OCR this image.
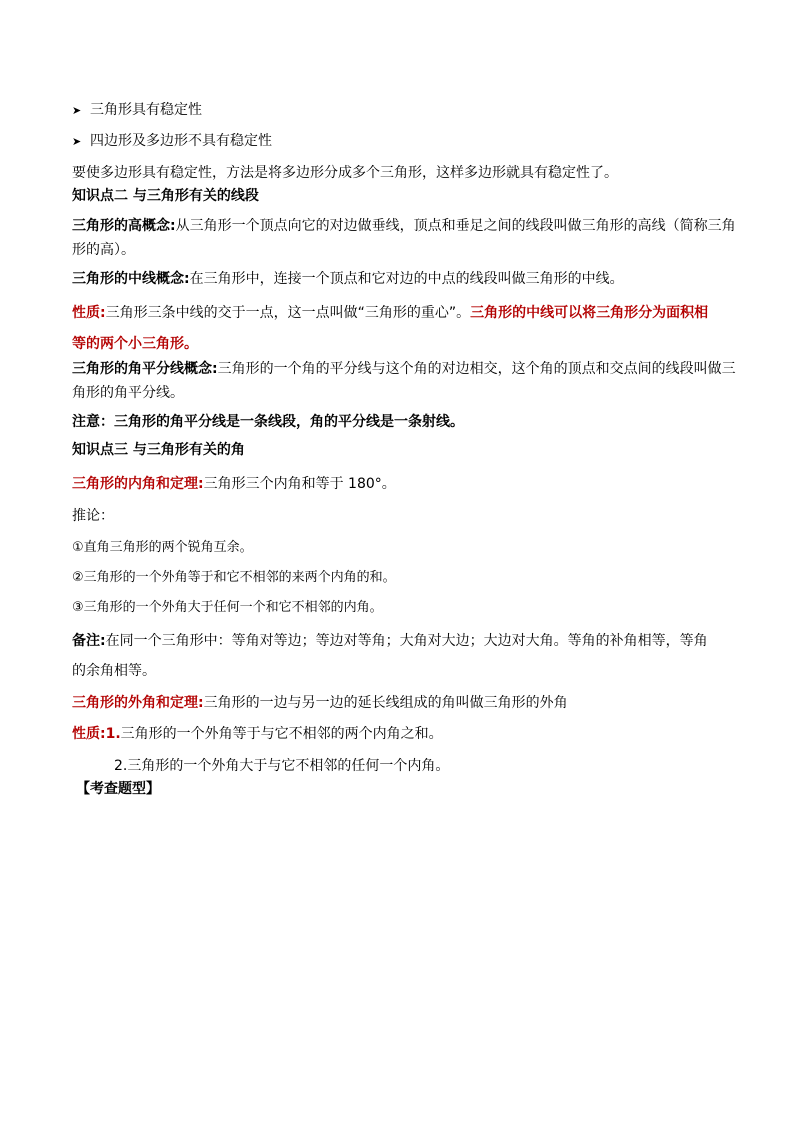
➤ 三角形具有稳定性
➤ 四边形及多边形不具有稳定性
要使多边形具有稳定性，方法是将多边形分成多个三角形，这样多边形就具有稳定性了。
知识点二 与三角形有关的线段
三角形的高概念:从三角形一个顶点向它的对边做垂线，顶点和垂足之间的线段叫做三角形的高线（简称三角
形的高）。
三角形的中线概念:在三角形中，连接一个顶点和它对边的中点的线段叫做三角形的中线。
性质:三角形三条中线的交于一点，这一点叫做“三角形的重心”。三角形的中线可以将三角形分为面积相
等的两个小三角形。
三角形的角平分线概念:三角形的一个角的平分线与这个角的对边相交，这个角的顶点和交点间的线段叫做三
角形的角平分线。
注意：三角形的角平分线是一条线段，角的平分线是一条射线。
知识点三 与三角形有关的角
三角形的内角和定理:三角形三个内角和等于 180°。
推论：
①直角三角形的两个锐角互余。
②三角形的一个外角等于和它不相邻的来两个内角的和。
③三角形的一个外角大于任何一个和它不相邻的内角。
备注:在同一个三角形中：等角对等边；等边对等角；大角对大边；大边对大角。等角的补角相等，等角
的余角相等。
三角形的外角和定理:三角形的一边与另一边的延长线组成的角叫做三角形的外角
性质:1.三角形的一个外角等于与它不相邻的两个内角之和。
2.三角形的一个外角大于与它不相邻的任何一个内角。
【考查题型】
